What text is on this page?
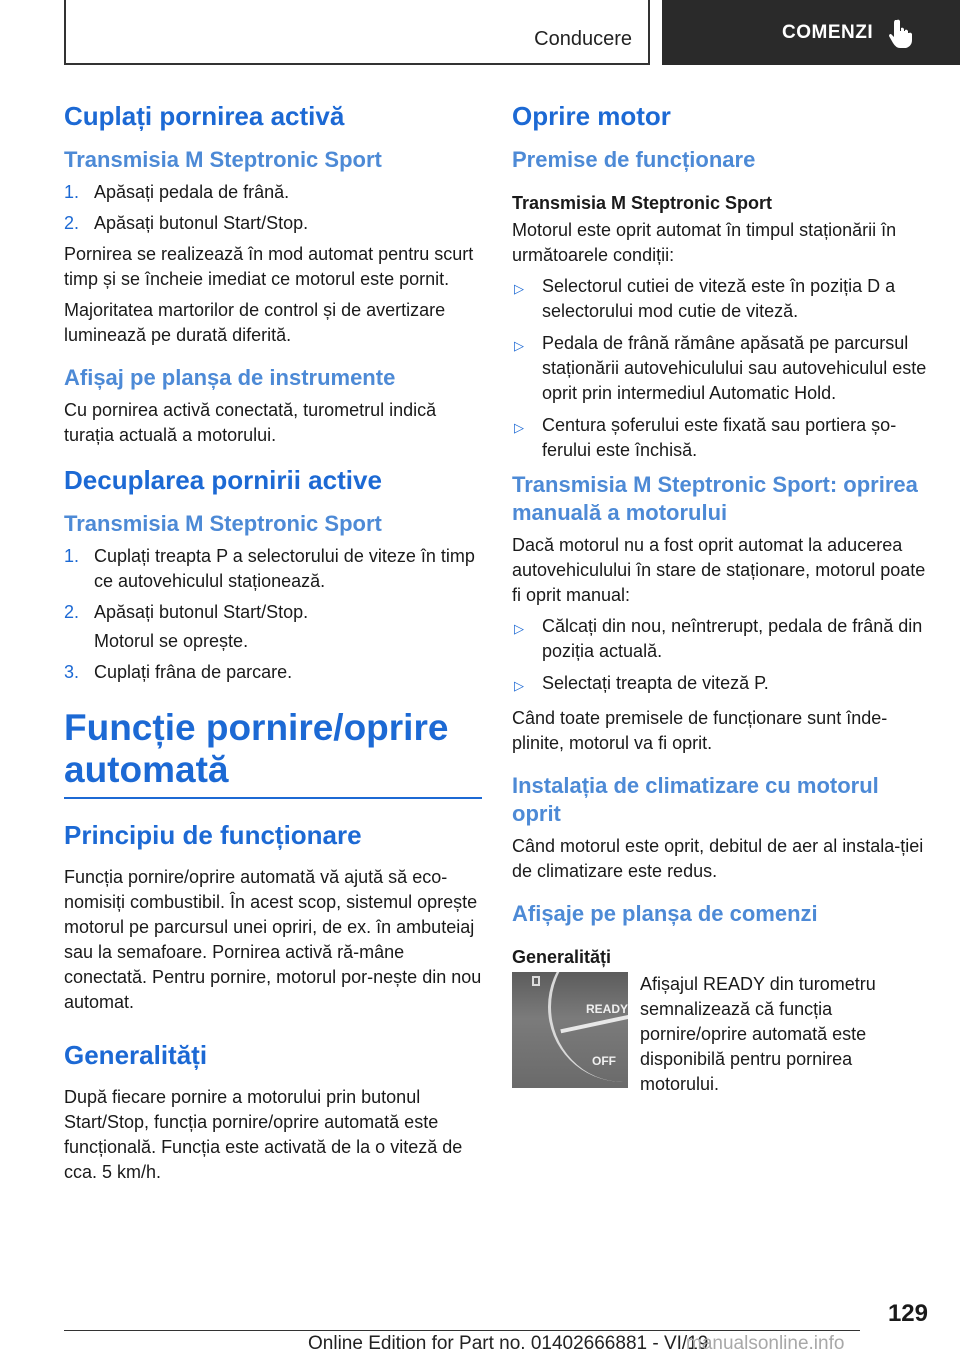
Conducere	COMENZI
Cuplați pornirea activă
Transmisia M Steptronic Sport
1. Apăsați pedala de frână.
2. Apăsați butonul Start/Stop.

Pornirea se realizează în mod automat pentru scurt timp și se încheie imediat ce motorul este pornit.

Majoritatea martorilor de control și de avertizare luminează pe durată diferită.

Afișaj pe planșa de instrumente

Cu pornirea activă conectată, turometrul indică turația actuală a motorului.

Decuplarea pornirii active
Transmisia M Steptronic Sport
1. Cuplați treapta P a selectorului de viteze în timp ce autovehiculul staționează.
2. Apăsați butonul Start/Stop.
Motorul se oprește.
3. Cuplați frâna de parcare.
Funcție pornire/oprire automată
Principiu de funcționare

Funcția pornire/oprire automată vă ajută să eco‐nomisiți combustibil. În acest scop, sistemul oprește motorul pe parcursul unei opriri, de ex. în ambuteiaj sau la semafoare. Pornirea activă ră‐mâne conectată. Pentru pornire, motorul por‐nește din nou automat.

Generalități

După fiecare pornire a motorului prin butonul Start/Stop, funcția pornire/oprire automată este funcțională. Funcția este activată de la o viteză de cca. 5 km/h.

Oprire motor
Premise de funcționare
Transmisia M Steptronic Sport

Motorul este oprit automat în timpul staționării în următoarele condiții:

▷	Selectorul cutiei de viteză este în poziția D a selectorului mod cutie de viteză.
▷	Pedala de frână rămâne apăsată pe parcursul staționării autovehiculului sau autovehiculul este oprit prin intermediul Automatic Hold.
▷	Centura șoferului este fixată sau portiera șo‐ferului este închisă.
Transmisia M Steptronic Sport: oprirea manuală a motorului

Dacă motorul nu a fost oprit automat la aducerea autovehiculului în stare de staționare, motorul poate fi oprit manual:

▷	Călcați din nou, neîntrerupt, pedala de frână din poziția actuală.
▷	Selectați treapta de viteză P.

Când toate premisele de funcționare sunt înde‐plinite, motorul va fi oprit.

Instalația de climatizare cu motorul oprit

Când motorul este oprit, debitul de aer al instala‐ției de climatizare este redus.

Afișaje pe planșa de comenzi
Generalități
READY
OFF
Afișajul READY din turometru semnalizează că funcția pornire/oprire automată este disponibilă pentru pornirea motorului.
129
Online Edition for Part no. 01402666881 - VI/19
manualsonline.info
